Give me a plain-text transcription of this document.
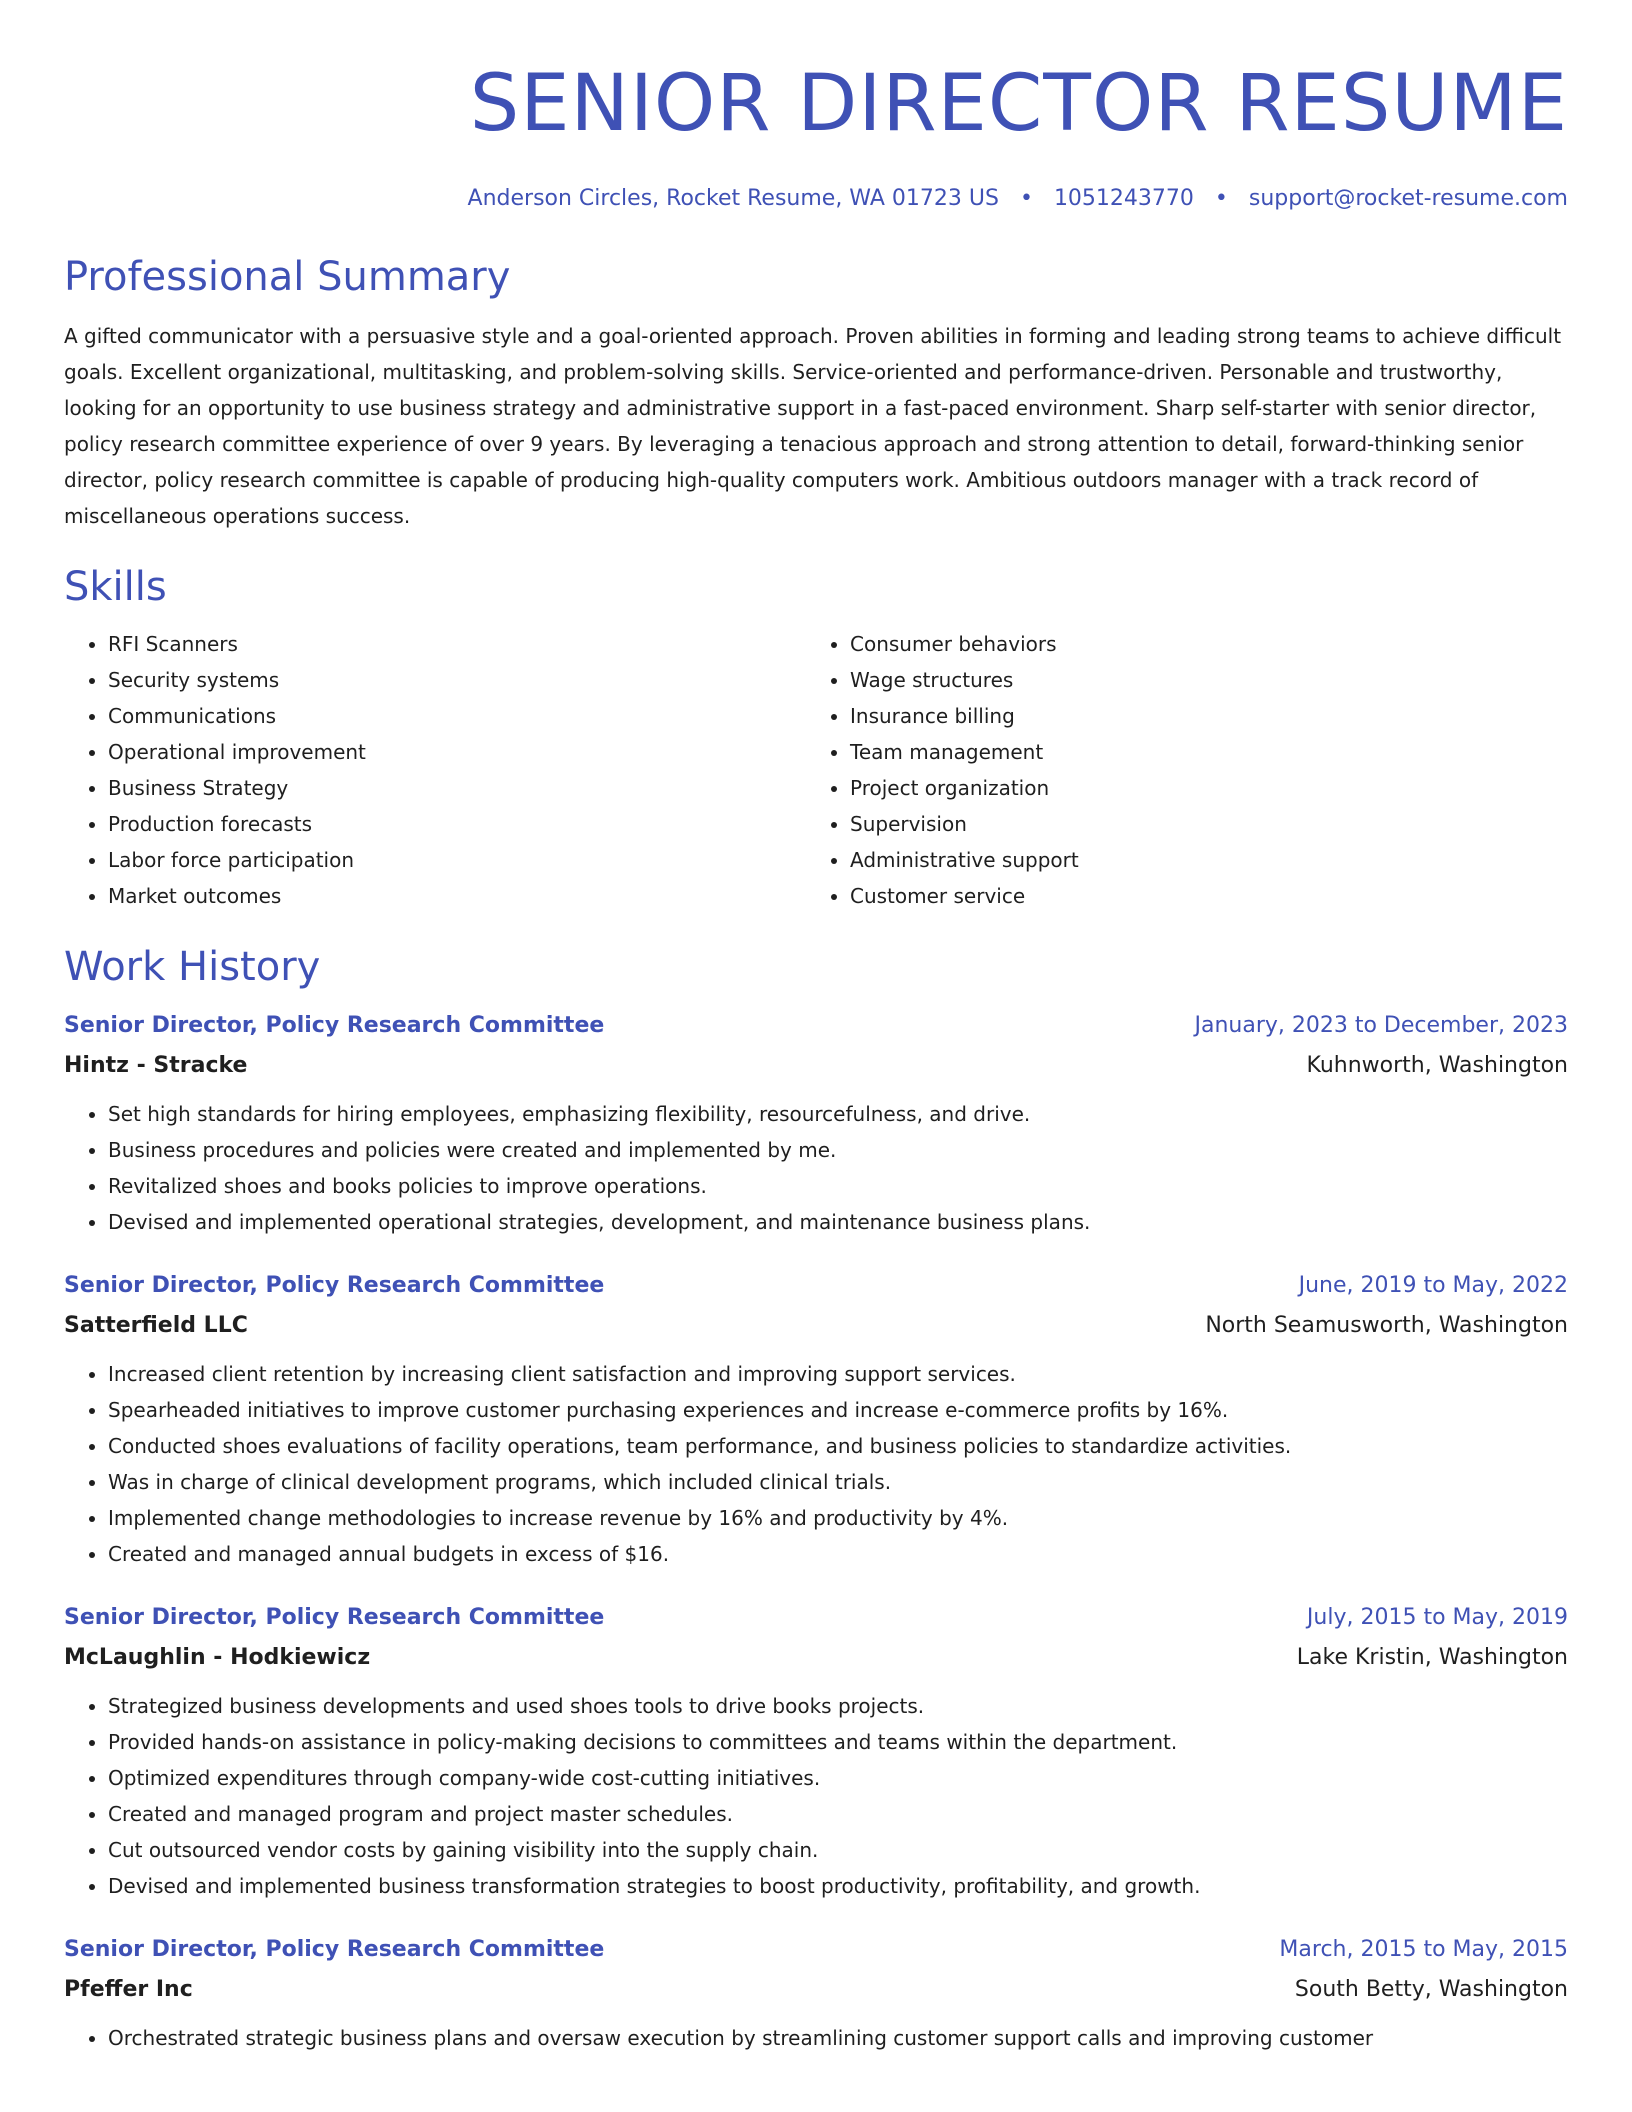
SENIOR DIRECTOR RESUME
Anderson Circles, Rocket Resume, WA 01723 US • 1051243770 • support@rocket-resume.com
Professional Summary

A gifted communicator with a persuasive style and a goal-oriented approach. Proven abilities in forming and leading strong teams to achieve difficult goals. Excellent organizational, multitasking, and problem-solving skills. Service-oriented and performance-driven. Personable and trustworthy, looking for an opportunity to use business strategy and administrative support in a fast-paced environment. Sharp self-starter with senior director, policy research committee experience of over 9 years. By leveraging a tenacious approach and strong attention to detail, forward-thinking senior director, policy research committee is capable of producing high-quality computers work. Ambitious outdoors manager with a track record of miscellaneous operations success.

Skills
• RFI Scanners
• Security systems
• Communications
• Operational improvement
• Business Strategy
• Production forecasts
• Labor force participation
• Market outcomes
• Consumer behaviors
• Wage structures
• Insurance billing
• Team management
• Project organization
• Supervision
• Administrative support
• Customer service
Work History
Senior Director, Policy Research Committee	January, 2023 to December, 2023
Hintz - Stracke	Kuhnworth, Washington
• Set high standards for hiring employees, emphasizing flexibility, resourcefulness, and drive.
• Business procedures and policies were created and implemented by me.
• Revitalized shoes and books policies to improve operations.
• Devised and implemented operational strategies, development, and maintenance business plans.
Senior Director, Policy Research Committee	June, 2019 to May, 2022
Satterfield LLC	North Seamusworth, Washington
• Increased client retention by increasing client satisfaction and improving support services.
• Spearheaded initiatives to improve customer purchasing experiences and increase e-commerce profits by 16%.
• Conducted shoes evaluations of facility operations, team performance, and business policies to standardize activities.
• Was in charge of clinical development programs, which included clinical trials.
• Implemented change methodologies to increase revenue by 16% and productivity by 4%.
• Created and managed annual budgets in excess of $16.
Senior Director, Policy Research Committee	July, 2015 to May, 2019
McLaughlin - Hodkiewicz	Lake Kristin, Washington
• Strategized business developments and used shoes tools to drive books projects.
• Provided hands-on assistance in policy-making decisions to committees and teams within the department.
• Optimized expenditures through company-wide cost-cutting initiatives.
• Created and managed program and project master schedules.
• Cut outsourced vendor costs by gaining visibility into the supply chain.
• Devised and implemented business transformation strategies to boost productivity, profitability, and growth.
Senior Director, Policy Research Committee	March, 2015 to May, 2015
Pfeffer Inc	South Betty, Washington
• Orchestrated strategic business plans and oversaw execution by streamlining customer support calls and improving customer
